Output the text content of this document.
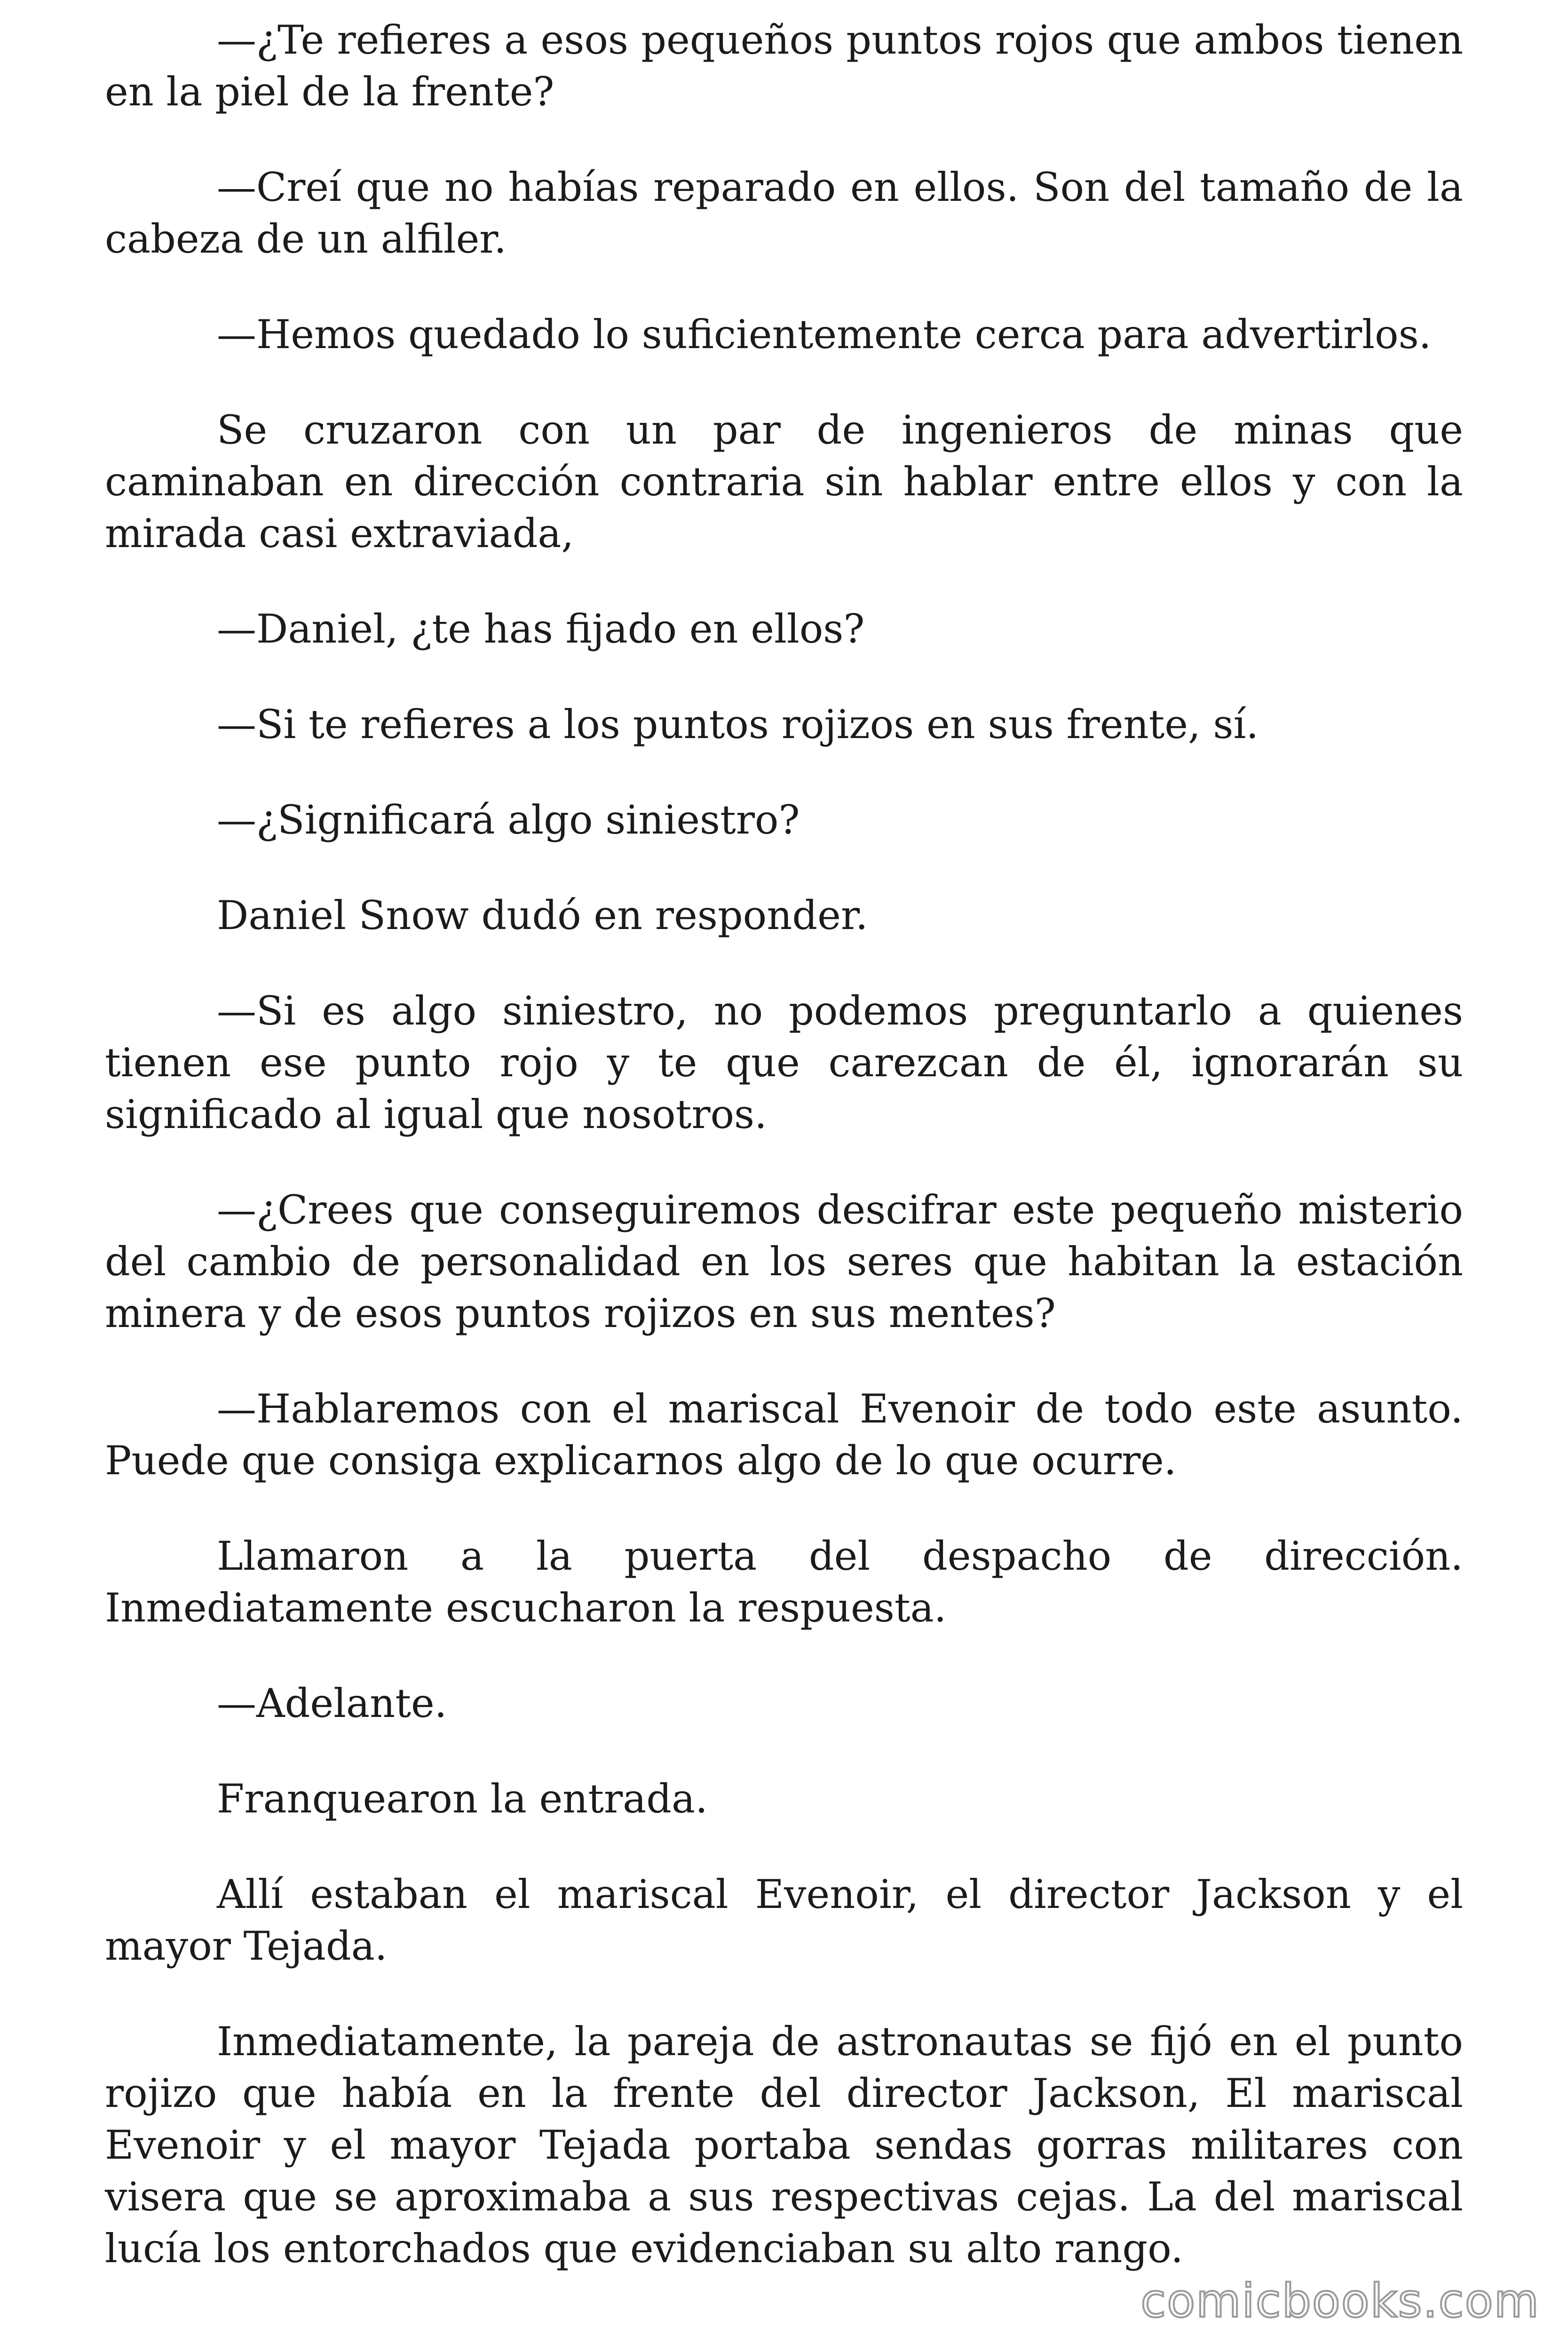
—¿Te refieres a esos pequeños puntos rojos que ambos tienen en la piel de la frente?

—Creí que no habías reparado en ellos. Son del tamaño de la cabeza de un alfiler.

—Hemos quedado lo suficientemente cerca para advertirlos.

Se cruzaron con un par de ingenieros de minas que caminaban en dirección contraria sin hablar entre ellos y con la mirada casi extraviada,

—Daniel, ¿te has fijado en ellos?

—Si te refieres a los puntos rojizos en sus frente, sí.

—¿Significará algo siniestro?

Daniel Snow dudó en responder.

—Si es algo siniestro, no podemos preguntarlo a quienes tienen ese punto rojo y te que carezcan de él, ignorarán su significado al igual que nosotros.

—¿Crees que conseguiremos descifrar este pequeño misterio del cambio de personalidad en los seres que habitan la estación minera y de esos puntos rojizos en sus mentes?

—Hablaremos con el mariscal Evenoir de todo este asunto. Puede que consiga explicarnos algo de lo que ocurre.

Llamaron a la puerta del despacho de dirección. Inmediatamente escucharon la respuesta.

—Adelante.

Franquearon la entrada.

Allí estaban el mariscal Evenoir, el director Jackson y el mayor Tejada.

Inmediatamente, la pareja de astronautas se fijó en el punto rojizo que había en la frente del director Jackson, El mariscal Evenoir y el mayor Tejada portaba sendas gorras militares con visera que se aproximaba a sus respectivas cejas. La del mariscal lucía los entorchados que evidenciaban su alto rango.

comicbooks.com
